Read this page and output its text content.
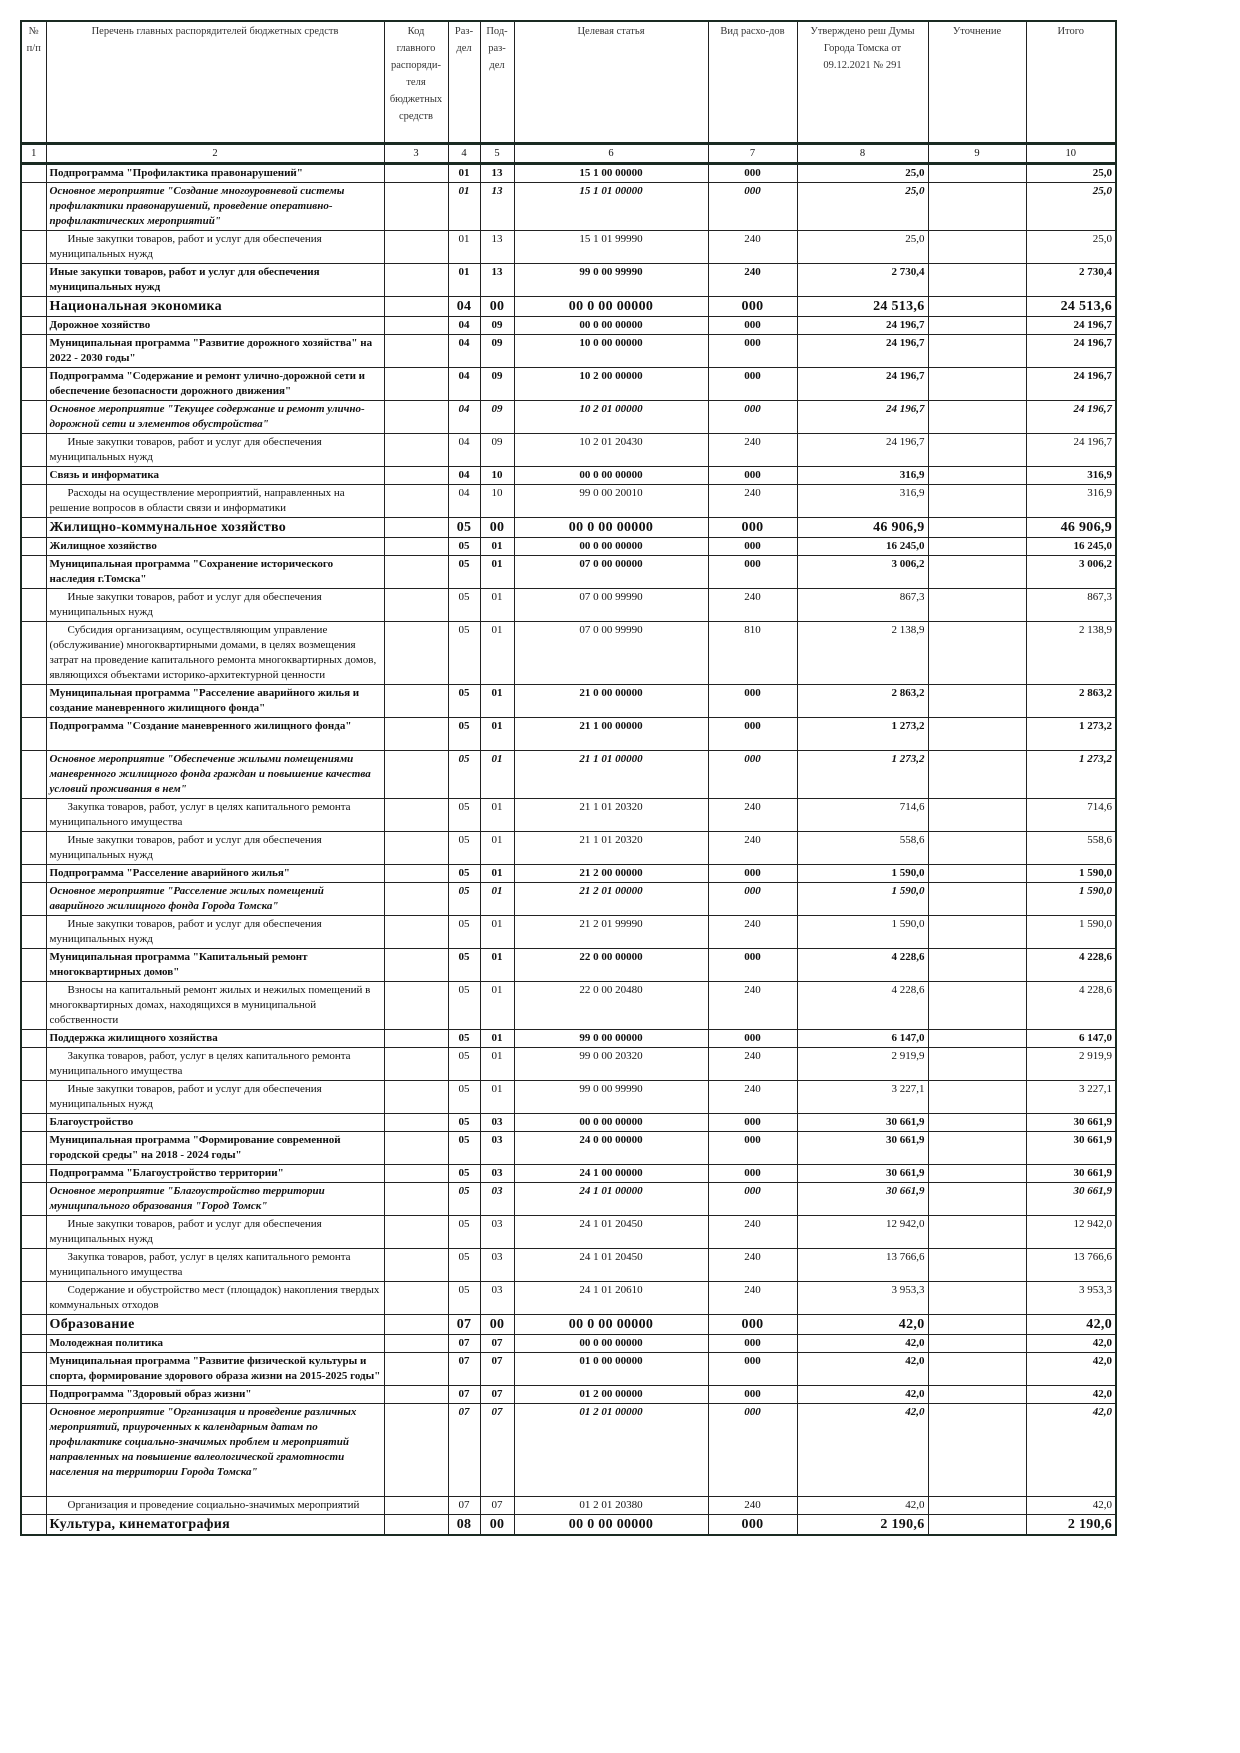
№ п/п	Перечень главных распорядителей бюджетных средств	Код главного распоряди-теля бюджетных средств	Раз-дел	Под-раз-дел	Целевая статья	Вид расхо-дов	Утверждено реш Думы Города Томска от 09.12.2021 № 291	Уточнение	Итого
1	2	3	4	5	6	7	8	9	10
	Подпрограмма "Профилактика правонарушений"		01	13	15 1 00 00000	000	25,0		25,0
	Основное мероприятие "Создание многоуровневой системы профилактики правонарушений, проведение оперативно-профилактических мероприятий"		01	13	15 1 01 00000	000	25,0		25,0
	Иные закупки товаров, работ и услуг для обеспечения муниципальных нужд		01	13	15 1 01 99990	240	25,0		25,0
	Иные закупки товаров, работ и услуг для обеспечения муниципальных нужд		01	13	99 0 00 99990	240	2 730,4		2 730,4
	Национальная экономика		04	00	00 0 00 00000	000	24 513,6		24 513,6
	Дорожное хозяйство		04	09	00 0 00 00000	000	24 196,7		24 196,7
	Муниципальная программа "Развитие дорожного хозяйства" на 2022 - 2030 годы"		04	09	10 0 00 00000	000	24 196,7		24 196,7
	Подпрограмма "Содержание и ремонт улично-дорожной сети и обеспечение безопасности дорожного движения"		04	09	10 2 00 00000	000	24 196,7		24 196,7
	Основное мероприятие "Текущее содержание и ремонт улично-дорожной сети и элементов обустройства"		04	09	10 2 01 00000	000	24 196,7		24 196,7
	Иные закупки товаров, работ и услуг для обеспечения муниципальных нужд		04	09	10 2 01 20430	240	24 196,7		24 196,7
	Связь и информатика		04	10	00 0 00 00000	000	316,9		316,9
	Расходы на осуществление мероприятий, направленных на решение вопросов в области связи и информатики		04	10	99 0 00 20010	240	316,9		316,9
	Жилищно-коммунальное хозяйство		05	00	00 0 00 00000	000	46 906,9		46 906,9
	Жилищное хозяйство		05	01	00 0 00 00000	000	16 245,0		16 245,0
	Муниципальная программа "Сохранение исторического наследия г.Томска"		05	01	07 0 00 00000	000	3 006,2		3 006,2
	Иные закупки товаров, работ и услуг для обеспечения муниципальных нужд		05	01	07 0 00 99990	240	867,3		867,3
	Субсидия организациям, осуществляющим управление (обслуживание) многоквартирными домами, в целях возмещения затрат на проведение капитального ремонта многоквартирных домов, являющихся объектами историко-архитектурной ценности		05	01	07 0 00 99990	810	2 138,9		2 138,9
	Муниципальная программа "Расселение аварийного жилья и создание маневренного жилищного фонда"		05	01	21 0 00 00000	000	2 863,2		2 863,2
	Подпрограмма "Создание маневренного жилищного фонда"		05	01	21 1 00 00000	000	1 273,2		1 273,2
	Основное мероприятие "Обеспечение жилыми помещениями маневренного жилищного фонда граждан и повышение качества условий проживания в нем"		05	01	21 1 01 00000	000	1 273,2		1 273,2
	Закупка товаров, работ, услуг в целях капитального ремонта муниципального имущества		05	01	21 1 01 20320	240	714,6		714,6
	Иные закупки товаров, работ и услуг для обеспечения муниципальных нужд		05	01	21 1 01 20320	240	558,6		558,6
	Подпрограмма "Расселение аварийного жилья"		05	01	21 2 00 00000	000	1 590,0		1 590,0
	Основное мероприятие "Расселение жилых помещений аварийного жилищного фонда Города Томска"		05	01	21 2 01 00000	000	1 590,0		1 590,0
	Иные закупки товаров, работ и услуг для обеспечения муниципальных нужд		05	01	21 2 01 99990	240	1 590,0		1 590,0
	Муниципальная программа "Капитальный ремонт многоквартирных домов"		05	01	22 0 00 00000	000	4 228,6		4 228,6
	Взносы на капитальный ремонт жилых и нежилых помещений в многоквартирных домах, находящихся в муниципальной собственности		05	01	22 0 00 20480	240	4 228,6		4 228,6
	Поддержка жилищного хозяйства		05	01	99 0 00 00000	000	6 147,0		6 147,0
	Закупка товаров, работ, услуг в целях капитального ремонта муниципального имущества		05	01	99 0 00 20320	240	2 919,9		2 919,9
	Иные закупки товаров, работ и услуг для обеспечения муниципальных нужд		05	01	99 0 00 99990	240	3 227,1		3 227,1
	Благоустройство		05	03	00 0 00 00000	000	30 661,9		30 661,9
	Муниципальная программа "Формирование современной городской среды" на 2018 - 2024 годы"		05	03	24 0 00 00000	000	30 661,9		30 661,9
	Подпрограмма "Благоустройство территории"		05	03	24 1 00 00000	000	30 661,9		30 661,9
	Основное мероприятие "Благоустройство территории муниципального образования "Город Томск"		05	03	24 1 01 00000	000	30 661,9		30 661,9
	Иные закупки товаров, работ и услуг для обеспечения муниципальных нужд		05	03	24 1 01 20450	240	12 942,0		12 942,0
	Закупка товаров, работ, услуг в целях капитального ремонта муниципального имущества		05	03	24 1 01 20450	240	13 766,6		13 766,6
	Содержание и обустройство мест (площадок) накопления твердых коммунальных отходов		05	03	24 1 01 20610	240	3 953,3		3 953,3
	Образование		07	00	00 0 00 00000	000	42,0		42,0
	Молодежная политика		07	07	00 0 00 00000	000	42,0		42,0
	Муниципальная программа "Развитие физической культуры и спорта, формирование здорового образа жизни на 2015-2025 годы"		07	07	01 0 00 00000	000	42,0		42,0
	Подпрограмма "Здоровый образ жизни"		07	07	01 2 00 00000	000	42,0		42,0
	Основное мероприятие "Организация и проведение различных мероприятий, приуроченных к календарным датам по профилактике социально-значимых проблем и мероприятий направленных на повышение валеологической грамотности населения на территории Города Томска"		07	07	01 2 01 00000	000	42,0		42,0
	Организация и проведение социально-значимых мероприятий		07	07	01 2 01 20380	240	42,0		42,0
	Культура, кинематография		08	00	00 0 00 00000	000	2 190,6		2 190,6
